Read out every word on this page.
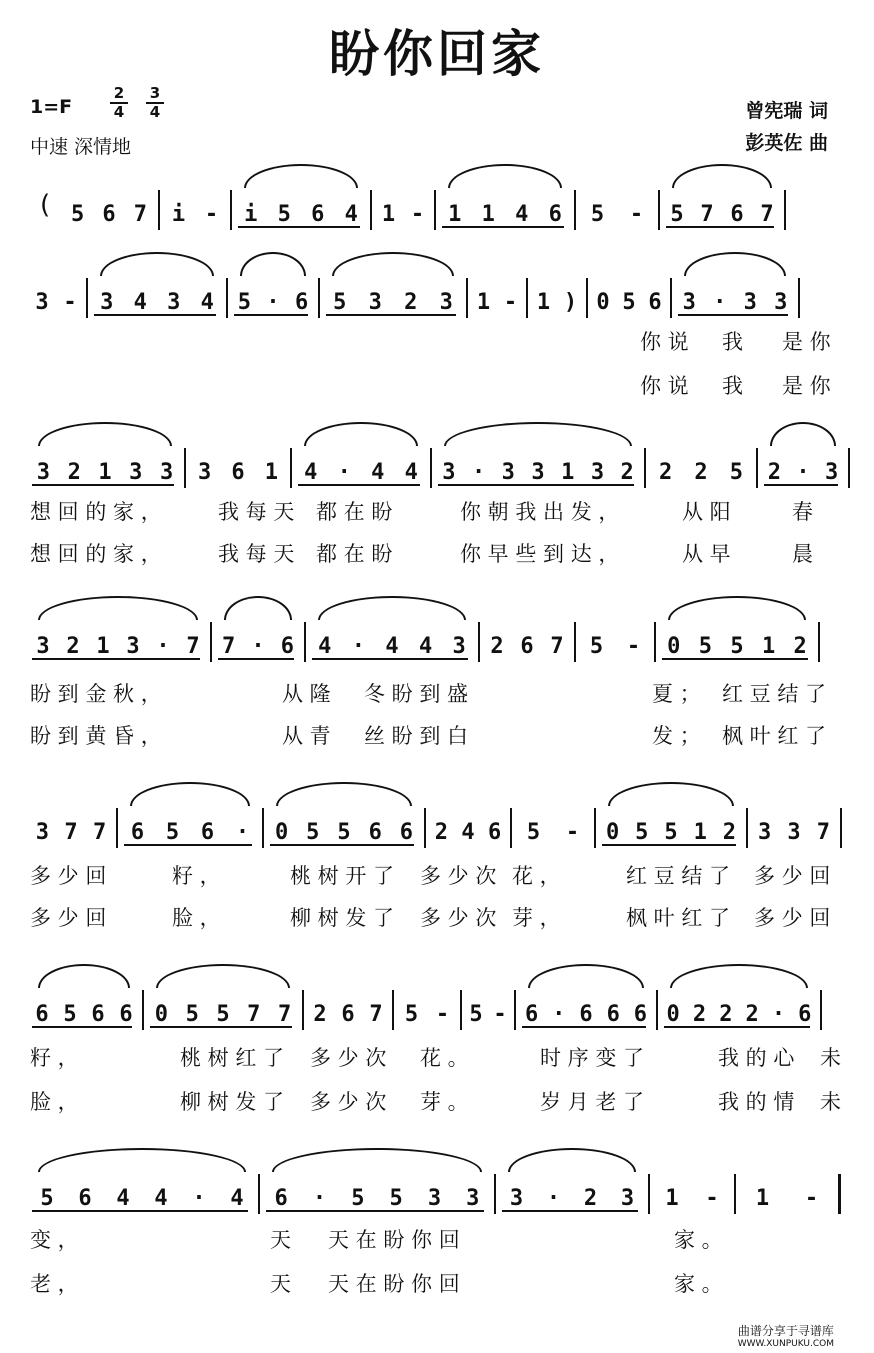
盼你回家
1=F
2
4
3
4
中速 深情地
曾宪瑞 词
彭英佐 曲
( 5 6 7	i -	i 5 6 4	1 -	1 1 4 6	5	-	5 7 6 7
3 -	3 4 3 4	5 · 6	5	3	2	3	1 - 1 ) 0 5 6 3 · 3 3
你 说 我 是 你
你 说 我 是 你
3 2 1 3 3	3 6 1	4 · 4 4	3 · 3 3 1 3 2	2	2	5	2 · 3
想 回 的 家 ，	我 每 天 都 在 盼	你 朝 我 出 发 ，	从 阳	春
想 回 的 家 ，	我 每 天 都 在 盼	你 早 些 到 达 ，	从 早	晨
3 2 1 3 · 7	7 · 6	4 · 4 4 3	2 6 7	5	-	0 5 5 1 2
盼 到 金 秋 ，	从 隆 冬 盼 到 盛	夏 ； 红 豆 结 了
盼 到 黄 昏 ，	从 青 丝 盼 到 白	发 ； 枫 叶 红 了
3 7 7	6 5 6 ·	0 5 5 6 6 2 4 6	5	-	0 5 5 1 2	3 3 7
多 少 回	籽 ，	桃 树 开 了 多 少 次 花 ，	红 豆 结 了 多 少 回
多 少 回	脸 ，	柳 树 发 了 多 少 次 芽 ，	枫 叶 红 了 多 少 回
6 5 6 6	0 5 5 7 7	2 6 7	5 - 5 - 6 · 6 6 6 0 2 2 2 · 6
籽 ，	桃 树 红 了 多 少 次 花 。	时 序 变 了	我 的 心 未
脸 ，	柳 树 发 了 多 少 次 芽 。	岁 月 老 了	我 的 情 未
5	6	4	4	·	4	6	·	5	5	3	3	3	·	2	3	1	-	1	-
变 ，	天 天 在 盼 你 回	家 。
老 ，	天 天 在 盼 你 回	家 。
曲谱分享于寻谱库
WWW.XUNPUKU.COM
